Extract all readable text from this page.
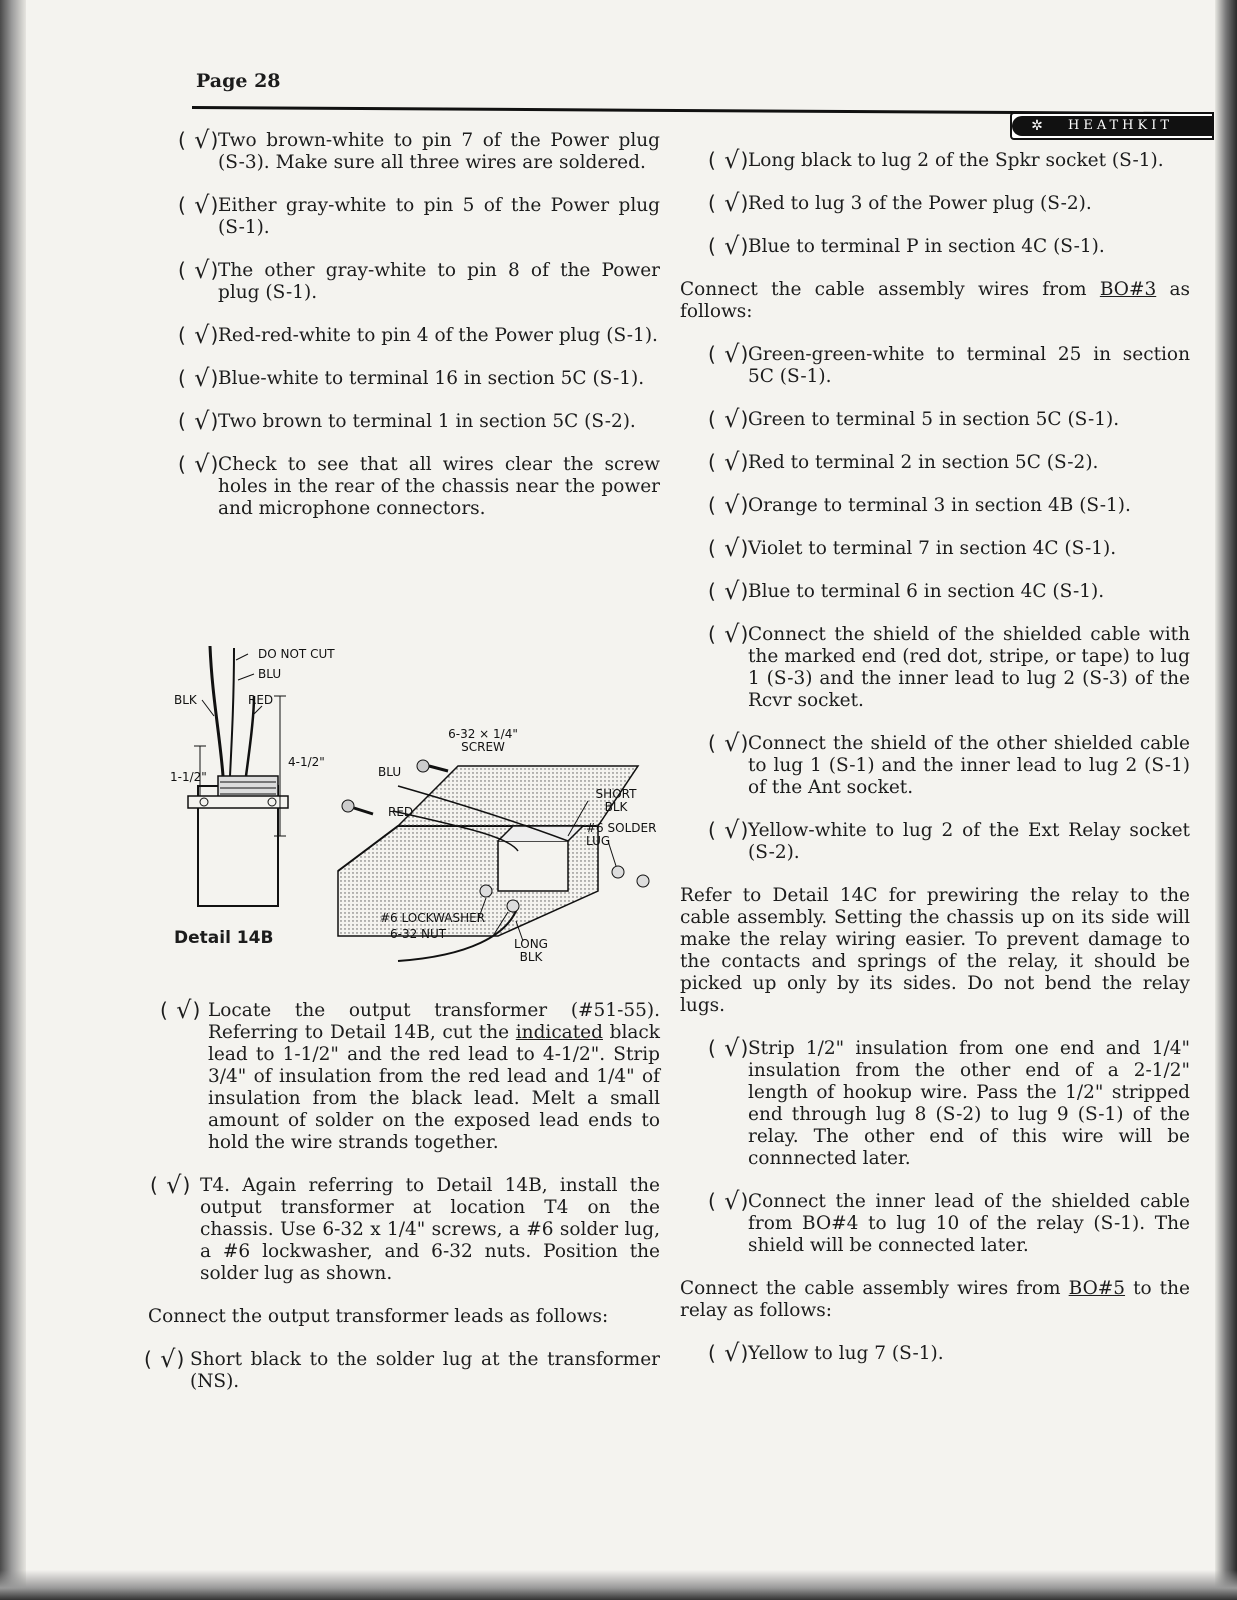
Page 28
✲	HEATHKIT
( √)
Two brown-white to pin 7 of the Power plug (S-3). Make sure all three wires are soldered.
( √)
Either gray-white to pin 5 of the Power plug (S-1).
( √)
The other gray-white to pin 8 of the Power plug (S-1).
( √)
Red-red-white to pin 4 of the Power plug (S-1).
( √)
Blue-white to terminal 16 in section 5C (S-1).
( √)
Two brown to terminal 1 in section 5C (S-2).
( √)
Check to see that all wires clear the screw holes in the rear of the chassis near the power and microphone connectors.
DO NOT CUT
BLU
BLK	RED
4-1/2"
1-1/2"
6-32 × 1/4" SCREW
BLU
RED
SHORT BLK
#6 SOLDER LUG
#6 LOCKWASHER
6-32 NUT
LONG BLK
Detail 14B
( √) Locate the output transformer (#51-55). Referring to Detail 14B, cut the indicated black lead to 1-1/2" and the red lead to 4-1/2". Strip 3/4" of insulation from the red lead and 1/4" of insulation from the black lead. Melt a small amount of solder on the exposed lead ends to hold the wire strands together.
( √) T4. Again referring to Detail 14B, install the output transformer at location T4 on the chassis. Use 6-32 x 1/4" screws, a #6 solder lug, a #6 lockwasher, and 6-32 nuts. Position the solder lug as shown.

Connect the output transformer leads as follows:

( √) Short black to the solder lug at the transformer (NS).
( √)
Long black to lug 2 of the Spkr socket (S-1).
( √)
Red to lug 3 of the Power plug (S-2).
( √)
Blue to terminal P in section 4C (S-1).

Connect the cable assembly wires from BO#3 as follows:

( √)
Green-green-white to terminal 25 in section 5C (S-1).
( √)
Green to terminal 5 in section 5C (S-1).
( √)
Red to terminal 2 in section 5C (S-2).
( √)
Orange to terminal 3 in section 4B (S-1).
( √)
Violet to terminal 7 in section 4C (S-1).
( √)
Blue to terminal 6 in section 4C (S-1).
( √)
Connect the shield of the shielded cable with the marked end (red dot, stripe, or tape) to lug 1 (S-3) and the inner lead to lug 2 (S-3) of the Rcvr socket.
( √)
Connect the shield of the other shielded cable to lug 1 (S-1) and the inner lead to lug 2 (S-1) of the Ant socket.
( √)
Yellow-white to lug 2 of the Ext Relay socket (S-2).

Refer to Detail 14C for prewiring the relay to the cable assembly. Setting the chassis up on its side will make the relay wiring easier. To prevent damage to the contacts and springs of the relay, it should be picked up only by its sides. Do not bend the relay lugs.

( √)
Strip 1/2" insulation from one end and 1/4" insulation from the other end of a 2-1/2" length of hookup wire. Pass the 1/2" stripped end through lug 8 (S-2) to lug 9 (S-1) of the relay. The other end of this wire will be connnected later.
( √)
Connect the inner lead of the shielded cable from BO#4 to lug 10 of the relay (S-1). The shield will be connected later.

Connect the cable assembly wires from BO#5 to the relay as follows:

( √)
Yellow to lug 7 (S-1).
